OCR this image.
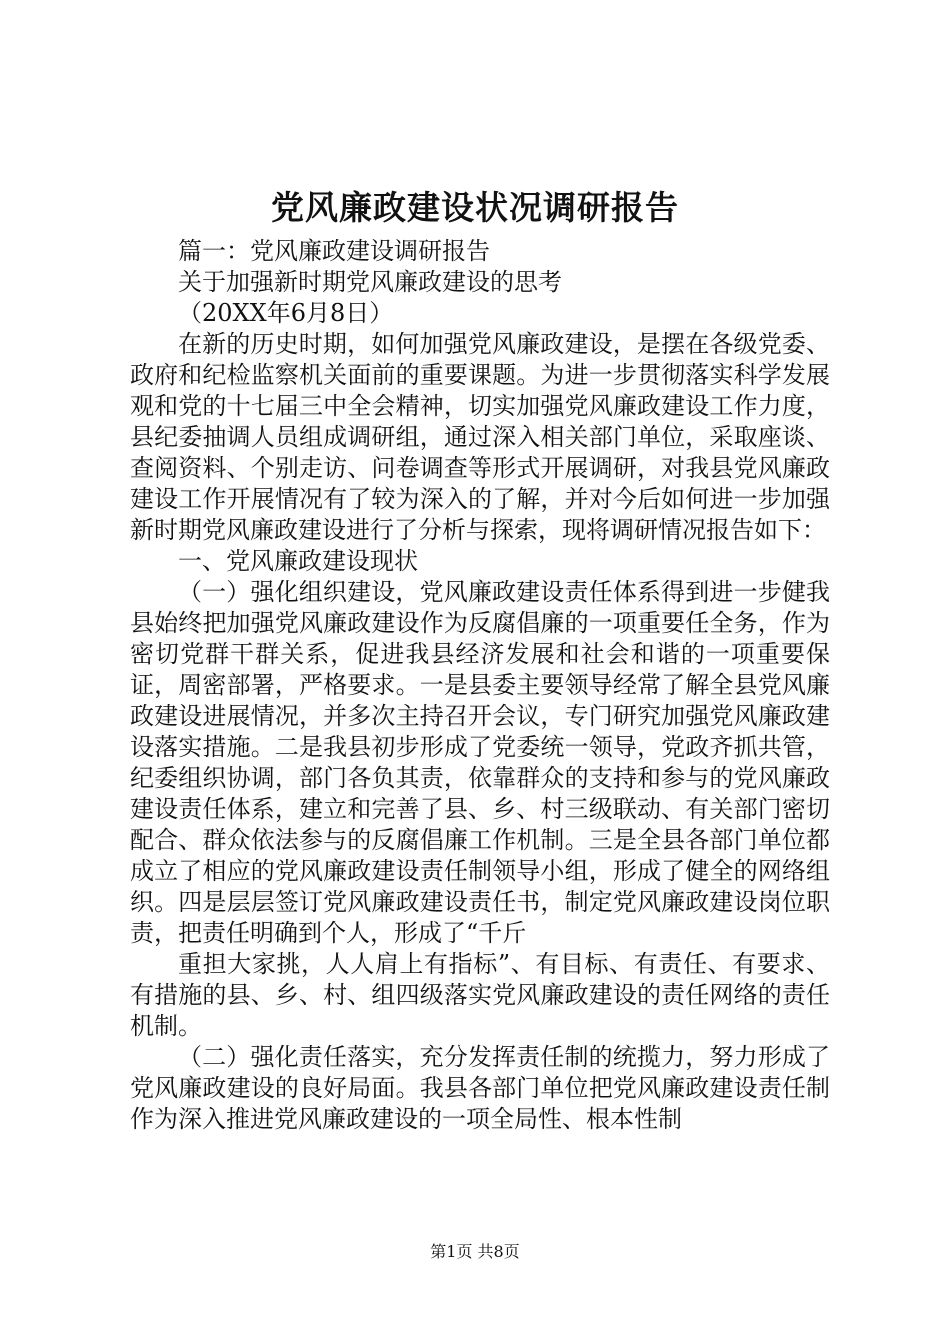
党风廉政建设状况调研报告

篇一：党风廉政建设调研报告

关于加强新时期党风廉政建设的思考

（20XX年6月8日）

在新的历史时期，如何加强党风廉政建设，是摆在各级党委、政府和纪检监察机关面前的重要课题。为进一步贯彻落实科学发展观和党的十七届三中全会精神，切实加强党风廉政建设工作力度，县纪委抽调人员组成调研组，通过深入相关部门单位，采取座谈、查阅资料、个别走访、问卷调查等形式开展调研，对我县党风廉政建设工作开展情况有了较为深入的了解，并对今后如何进一步加强新时期党风廉政建设进行了分析与探索，现将调研情况报告如下：

一、党风廉政建设现状

（一）强化组织建设，党风廉政建设责任体系得到进一步健我县始终把加强党风廉政建设作为反腐倡廉的一项重要任全务，作为密切党群干群关系，促进我县经济发展和社会和谐的一项重要保证，周密部署，严格要求。一是县委主要领导经常了解全县党风廉政建设进展情况，并多次主持召开会议，专门研究加强党风廉政建设落实措施。二是我县初步形成了党委统一领导，党政齐抓共管，纪委组织协调，部门各负其责，依靠群众的支持和参与的党风廉政建设责任体系，建立和完善了县、乡、村三级联动、有关部门密切配合、群众依法参与的反腐倡廉工作机制。三是全县各部门单位都成立了相应的党风廉政建设责任制领导小组，形成了健全的网络组织。四是层层签订党风廉政建设责任书，制定党风廉政建设岗位职责，把责任明确到个人，形成了“千斤

重担大家挑，人人肩上有指标”、有目标、有责任、有要求、有措施的县、乡、村、组四级落实党风廉政建设的责任网络的责任机制。

（二）强化责任落实，充分发挥责任制的统揽力，努力形成了党风廉政建设的良好局面。我县各部门单位把党风廉政建设责任制作为深入推进党风廉政建设的一项全局性、根本性制

第1页 共8页
